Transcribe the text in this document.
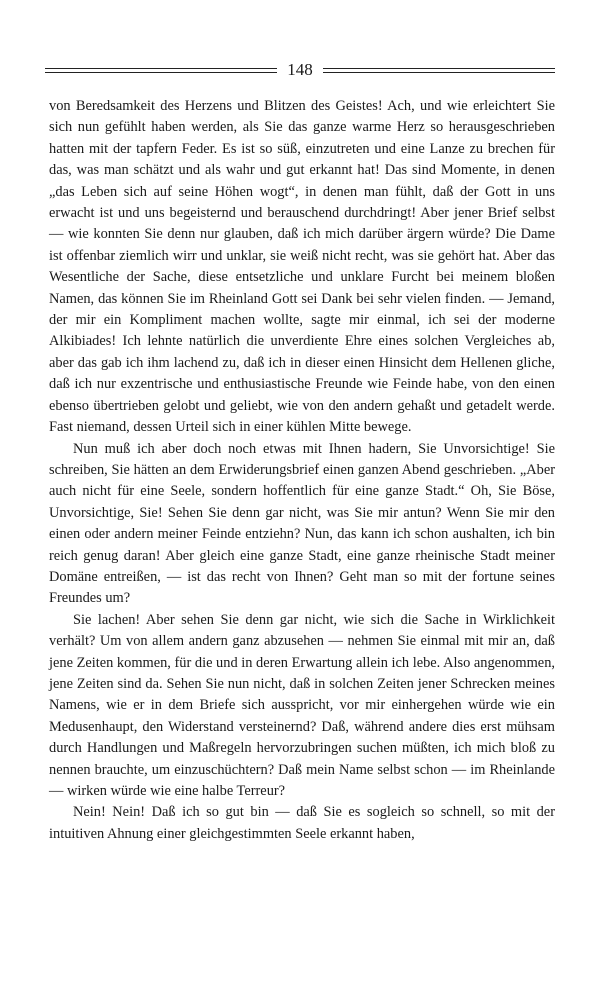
148

von Beredsamkeit des Herzens und Blitzen des Geistes! Ach, und wie erleichtert Sie sich nun gefühlt haben werden, als Sie das ganze warme Herz so herausgeschrieben hatten mit der tapfern Feder. Es ist so süß, einzutreten und eine Lanze zu brechen für das, was man schätzt und als wahr und gut erkannt hat! Das sind Momente, in denen „das Leben sich auf seine Höhen wogt“, in denen man fühlt, daß der Gott in uns erwacht ist und uns begeisternd und berauschend durchdringt! Aber jener Brief selbst — wie konnten Sie denn nur glauben, daß ich mich darüber ärgern würde? Die Dame ist offenbar ziemlich wirr und unklar, sie weiß nicht recht, was sie gehört hat. Aber das Wesentliche der Sache, diese entsetzliche und unklare Furcht bei meinem bloßen Namen, das können Sie im Rheinland Gott sei Dank bei sehr vielen finden. — Jemand, der mir ein Kompliment machen wollte, sagte mir einmal, ich sei der moderne Alkibiades! Ich lehnte natürlich die unverdiente Ehre eines solchen Vergleiches ab, aber das gab ich ihm lachend zu, daß ich in dieser einen Hinsicht dem Hellenen gliche, daß ich nur exzentrische und enthusiastische Freunde wie Feinde habe, von den einen ebenso übertrieben gelobt und geliebt, wie von den andern gehaßt und getadelt werde. Fast niemand, dessen Urteil sich in einer kühlen Mitte bewege.

Nun muß ich aber doch noch etwas mit Ihnen hadern, Sie Unvorsichtige! Sie schreiben, Sie hätten an dem Erwiderungsbrief einen ganzen Abend geschrieben. „Aber auch nicht für eine Seele, sondern hoffentlich für eine ganze Stadt.“ Oh, Sie Böse, Unvorsichtige, Sie! Sehen Sie denn gar nicht, was Sie mir antun? Wenn Sie mir den einen oder andern meiner Feinde entziehn? Nun, das kann ich schon aushalten, ich bin reich genug daran! Aber gleich eine ganze Stadt, eine ganze rheinische Stadt meiner Domäne entreißen, — ist das recht von Ihnen? Geht man so mit der fortune seines Freundes um?

Sie lachen! Aber sehen Sie denn gar nicht, wie sich die Sache in Wirklichkeit verhält? Um von allem andern ganz abzusehen — nehmen Sie einmal mit mir an, daß jene Zeiten kommen, für die und in deren Erwartung allein ich lebe. Also angenommen, jene Zeiten sind da. Sehen Sie nun nicht, daß in solchen Zeiten jener Schrecken meines Namens, wie er in dem Briefe sich ausspricht, vor mir einhergehen würde wie ein Medusenhaupt, den Widerstand versteinernd? Daß, während andere dies erst mühsam durch Handlungen und Maßregeln hervorzubringen suchen müßten, ich mich bloß zu nennen brauchte, um einzuschüchtern? Daß mein Name selbst schon — im Rheinlande — wirken würde wie eine halbe Terreur?

Nein! Nein! Daß ich so gut bin — daß Sie es sogleich so schnell, so mit der intuitiven Ahnung einer gleichgestimmten Seele erkannt haben,
